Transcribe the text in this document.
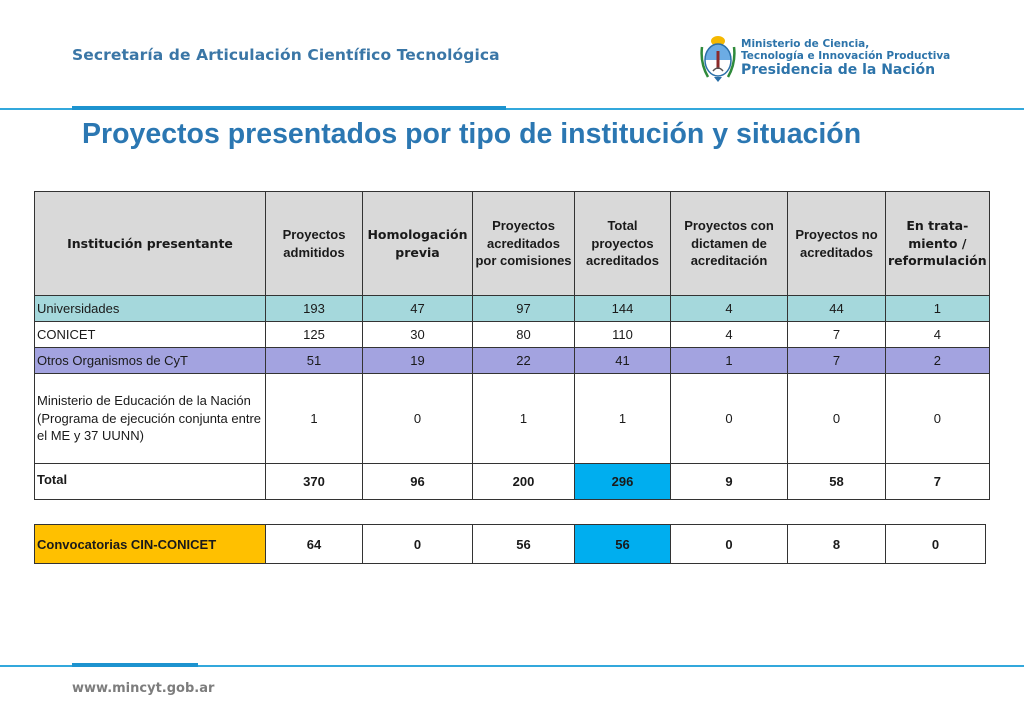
Secretaría de Articulación Científico Tecnológica
Ministerio de Ciencia,
Tecnología e Innovación Productiva
Presidencia de la Nación
Proyectos presentados por tipo de institución y situación
Institución presentante	Proyectos admitidos	Homologación previa	Proyectos acreditados por comisiones	Total proyectos acreditados	Proyectos con dictamen de acreditación	Proyectos no acreditados	En trata-miento / reformulación
Universidades	193	47	97	144	4	44	1
CONICET	125	30	80	110	4	7	4
Otros Organismos de CyT	51	19	22	41	1	7	2
Ministerio de Educación de la Nación (Programa de ejecución conjunta entre el ME y 37 UUNN)	1	0	1	1	0	0	0
Total	370	96	200	296	9	58	7
Convocatorias CIN-CONICET	64	0	56	56	0	8	0
www.mincyt.gob.ar
